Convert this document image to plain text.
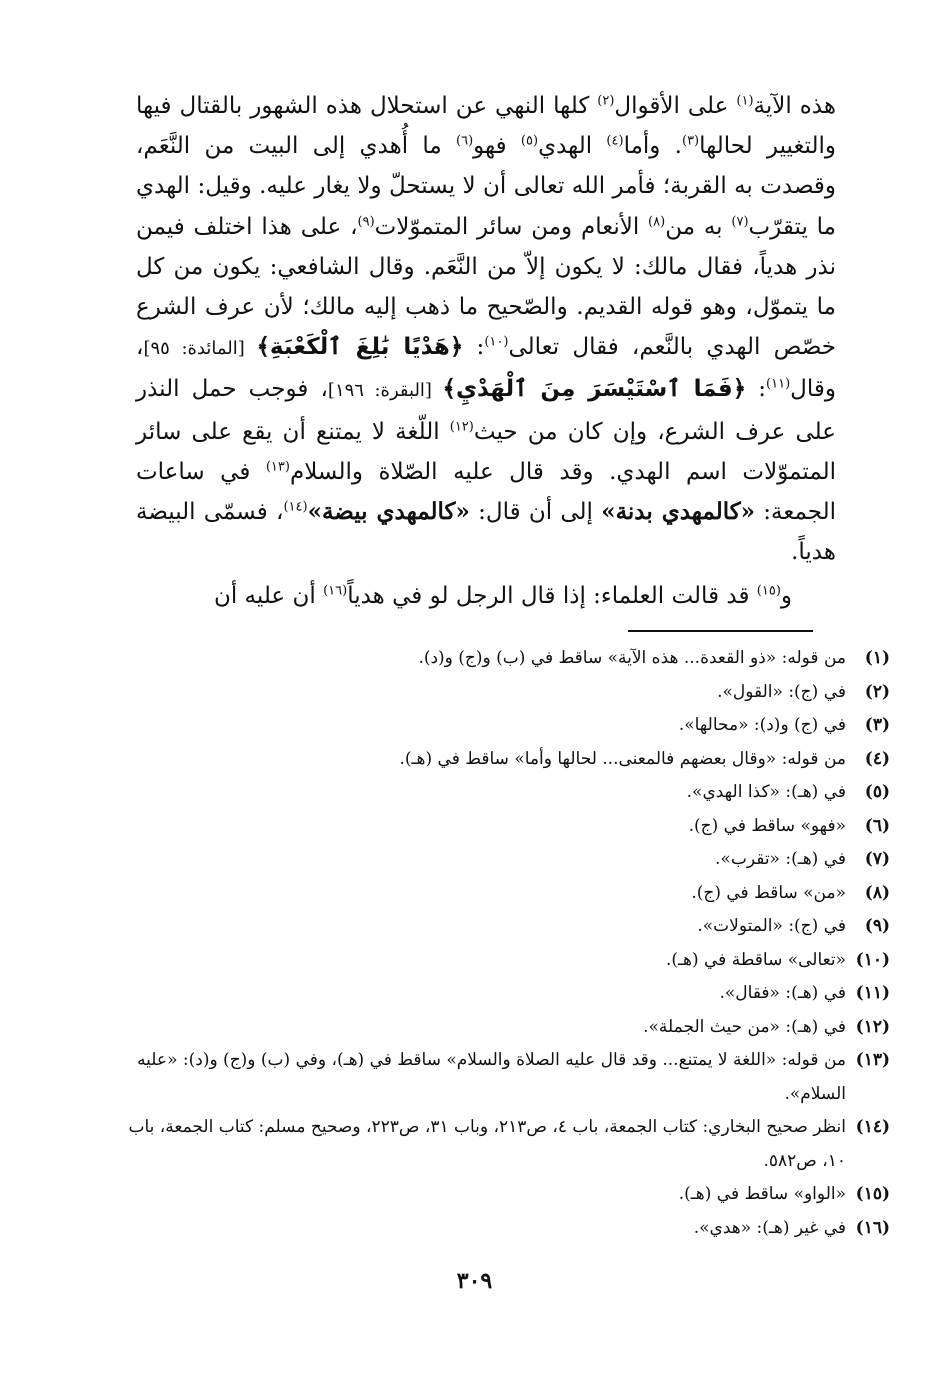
هذه الآية$^{(١)}$ على الأقوال$^{(٢)}$ كلها النهي عن استحلال هذه الشهور بالقتال فيها والتغيير لحالها$^{(٣)}$. وأما$^{(٤)}$ الهدي$^{(٥)}$ فهو$^{(٦)}$ ما أُهدي إلى البيت من النَّعَم، وقصدت به القربة؛ فأمر الله تعالى أن لا يستحلّ ولا يغار عليه. وقيل: الهدي ما يتقرّب$^{(٧)}$ به من$^{(٨)}$ الأنعام ومن سائر المتموّلات$^{(٩)}$، على هذا اختلف فيمن نذر هدياً، فقال مالك: لا يكون إلاّ من النَّعَم. وقال الشافعي: يكون من كل ما يتموّل، وهو قوله القديم. والصّحيح ما ذهب إليه مالك؛ لأن عرف الشرع خصّص الهدي بالنَّعم، فقال تعالى$^{(١٠)}$: ﴿هَدْيًا بَٰلِغَ ٱلْكَعْبَةِ﴾ [المائدة: ٩٥]، وقال$^{(١١)}$: ﴿فَمَا ٱسْتَيْسَرَ مِنَ ٱلْهَدْيِ﴾ [البقرة: ١٩٦]، فوجب حمل النذر على عرف الشرع، وإن كان من حيث$^{(١٢)}$ اللّغة لا يمتنع أن يقع على سائر المتموّلات اسم الهدي. وقد قال عليه الصّلاة والسلام$^{(١٣)}$ في ساعات الجمعة: «كالمهدي بدنة» إلى أن قال: «كالمهدي بيضة»$^{(١٤)}$، فسمّى البيضة هدياً.

و$^{(١٥)}$ قد قالت العلماء: إذا قال الرجل لو في هدياً$^{(١٦)}$ أن عليه أن

(١)
من قوله: «ذو القعدة... هذه الآية» ساقط في (ب) و(ج) و(د).
(٢)
في (ج): «القول».
(٣)
في (ج) و(د): «محالها».
(٤)
من قوله: «وقال بعضهم فالمعنى... لحالها وأما» ساقط في (هـ).
(٥)
في (هـ): «كذا الهدي».
(٦)
«فهو» ساقط في (ج).
(٧)
في (هـ): «تقرب».
(٨)
«من» ساقط في (ج).
(٩)
في (ج): «المتولات».
(١٠)
«تعالى» ساقطة في (هـ).
(١١)
في (هـ): «فقال».
(١٢)
في (هـ): «من حيث الجملة».
(١٣)
من قوله: «اللغة لا يمتنع... وقد قال عليه الصلاة والسلام» ساقط في (هـ)، وفي (ب) و(ج) و(د): «عليه السلام».
(١٤)
انظر صحيح البخاري: كتاب الجمعة، باب ٤، ص٢١٣، وباب ٣١، ص٢٢٣، وصحيح مسلم: كتاب الجمعة، باب ١٠، ص٥٨٢.
(١٥)
«الواو» ساقط في (هـ).
(١٦)
في غير (هـ): «هدي».
٣٠٩
